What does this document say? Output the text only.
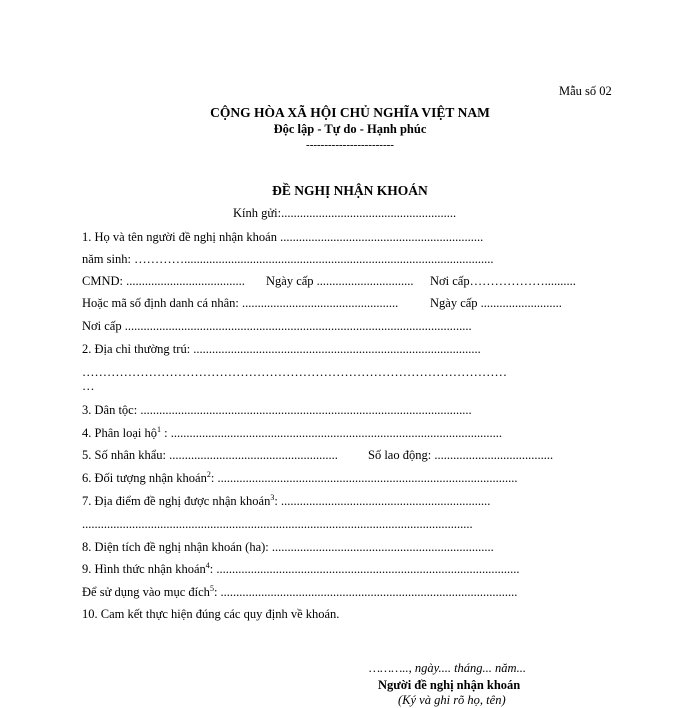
Mẫu số 02
CỘNG HÒA XÃ HỘI CHỦ NGHĨA VIỆT NAM
Độc lập - Tự do - Hạnh phúc
------------------------
ĐỀ NGHỊ NHẬN KHOÁN
Kính gửi:........................................................
1. Họ và tên người đề nghị nhận khoán .................................................................
năm sinh: …………...................................................................................................
CMND: ...................................... Ngày cấp ............................... Nơi cấp………………..........
Hoặc mã số định danh cá nhân: ..................................................	Ngày cấp ..........................
Nơi cấp ...............................................................................................................
2. Địa chỉ thường trú: ............................................................................................
…………………………………………………………………………………………
…
3. Dân tộc: ..........................................................................................................
4. Phân loại hộ$^1$ : ..........................................................................................................
5. Số nhân khẩu: ...................................................... Số lao động: ......................................
6. Đối tượng nhận khoán$^2$: ................................................................................................
7. Địa điểm đề nghị được nhận khoán$^3$: ...................................................................
.............................................................................................................................
8. Diện tích đề nghị nhận khoán (ha): .......................................................................
9. Hình thức nhận khoán$^4$: .................................................................................................
Để sử dụng vào mục đích$^5$: ...............................................................................................
10. Cam kết thực hiện đúng các quy định về khoán.
……….., ngày.... tháng... năm...
Người đề nghị nhận khoán
(Ký và ghi rõ họ, tên)
